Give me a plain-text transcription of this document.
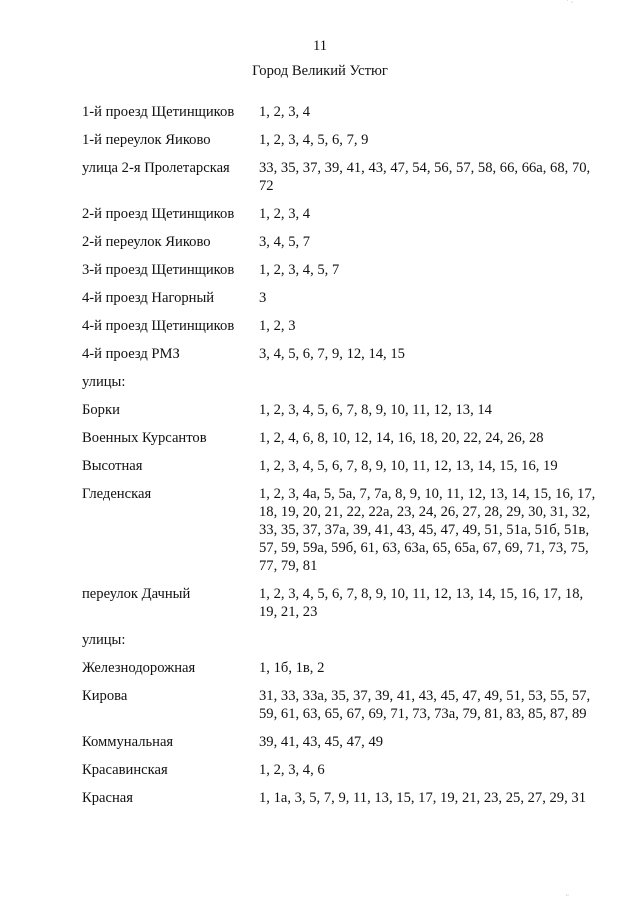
˙ ·
¨
11
Город Великий Устюг
1-й проезд Щетинщиков	1, 2, 3, 4
1-й переулок Яиково	1, 2, 3, 4, 5, 6, 7, 9
улица 2-я Пролетарская	33, 35, 37, 39, 41, 43, 47, 54, 56, 57, 58, 66, 66а, 68, 70, 72
2-й проезд Щетинщиков	1, 2, 3, 4
2-й переулок Яиково	3, 4, 5, 7
3-й проезд Щетинщиков	1, 2, 3, 4, 5, 7
4-й проезд Нагорный	3
4-й проезд Щетинщиков	1, 2, 3
4-й проезд РМЗ	3, 4, 5, 6, 7, 9, 12, 14, 15
улицы:
Борки	1, 2, 3, 4, 5, 6, 7, 8, 9, 10, 11, 12, 13, 14
Военных Курсантов	1, 2, 4, 6, 8, 10, 12, 14, 16, 18, 20, 22, 24, 26, 28
Высотная	1, 2, 3, 4, 5, 6, 7, 8, 9, 10, 11, 12, 13, 14, 15, 16, 19
Гледенская	1, 2, 3, 4а, 5, 5а, 7, 7а, 8, 9, 10, 11, 12, 13, 14, 15, 16, 17, 18, 19, 20, 21, 22, 22а, 23, 24, 26, 27, 28, 29, 30, 31, 32, 33, 35, 37, 37а, 39, 41, 43, 45, 47, 49, 51, 51а, 51б, 51в, 57, 59, 59а, 59б, 61, 63, 63а, 65, 65а, 67, 69, 71, 73, 75, 77, 79, 81
переулок Дачный	1, 2, 3, 4, 5, 6, 7, 8, 9, 10, 11, 12, 13, 14, 15, 16, 17, 18, 19, 21, 23
улицы:
Железнодорожная	1, 1б, 1в, 2
Кирова	31, 33, 33а, 35, 37, 39, 41, 43, 45, 47, 49, 51, 53, 55, 57, 59, 61, 63, 65, 67, 69, 71, 73, 73а, 79, 81, 83, 85, 87, 89
Коммунальная	39, 41, 43, 45, 47, 49
Красавинская	1, 2, 3, 4, 6
Красная	1, 1а, 3, 5, 7, 9, 11, 13, 15, 17, 19, 21, 23, 25, 27, 29, 31
